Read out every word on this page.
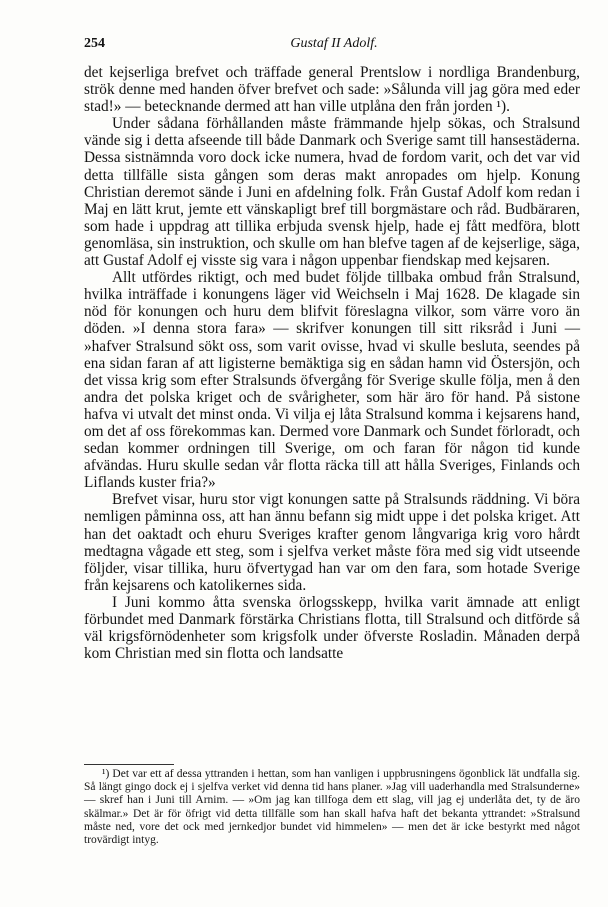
254	Gustaf II Adolf.

det kejserliga brefvet och träffade general Prentslow i nordliga Brandenburg, strök denne med handen öfver brefvet och sade: »Sålunda vill jag göra med eder stad!» — betecknande dermed att han ville utplåna den från jorden ¹).

Under sådana förhållanden måste främmande hjelp sökas, och Stralsund vände sig i detta afseende till både Danmark och Sverige samt till hansestäderna. Dessa sistnämnda voro dock icke numera, hvad de fordom varit, och det var vid detta tillfälle sista gången som deras makt anropades om hjelp. Konung Christian deremot sände i Juni en afdelning folk. Från Gustaf Adolf kom redan i Maj en lätt krut, jemte ett vänskapligt bref till borgmästare och råd. Budbäraren, som hade i uppdrag att tillika erbjuda svensk hjelp, hade ej fått medföra, blott genomläsa, sin instruktion, och skulle om han blefve tagen af de kejserlige, säga, att Gustaf Adolf ej visste sig vara i någon uppenbar fiendskap med kejsaren.

Allt utfördes riktigt, och med budet följde tillbaka ombud från Stralsund, hvilka inträffade i konungens läger vid Weichseln i Maj 1628. De klagade sin nöd för konungen och huru dem blifvit föreslagna vilkor, som värre voro än döden. »I denna stora fara» — skrifver konungen till sitt riksråd i Juni — »hafver Stralsund sökt oss, som varit ovisse, hvad vi skulle besluta, seendes på ena sidan faran af att ligisterne bemäktiga sig en sådan hamn vid Östersjön, och det vissa krig som efter Stralsunds öfvergång för Sverige skulle följa, men å den andra det polska kriget och de svårigheter, som här äro för hand. På sistone hafva vi utvalt det minst onda. Vi vilja ej låta Stralsund komma i kejsarens hand, om det af oss förekommas kan. Dermed vore Danmark och Sundet förloradt, och sedan kommer ordningen till Sverige, om och faran för någon tid kunde afvändas. Huru skulle sedan vår flotta räcka till att hålla Sveriges, Finlands och Liflands kuster fria?»

Brefvet visar, huru stor vigt konungen satte på Stralsunds räddning. Vi böra nemligen påminna oss, att han ännu befann sig midt uppe i det polska kriget. Att han det oaktadt och ehuru Sveriges krafter genom långvariga krig voro hårdt medtagna vågade ett steg, som i sjelfva verket måste föra med sig vidt utseende följder, visar tillika, huru öfvertygad han var om den fara, som hotade Sverige från kejsarens och katolikernes sida.

I Juni kommo åtta svenska örlogsskepp, hvilka varit ämnade att enligt förbundet med Danmark förstärka Christians flotta, till Stralsund och ditförde så väl krigsförnödenheter som krigsfolk under öfverste Rosladin. Månaden derpå kom Christian med sin flotta och landsatte

¹) Det var ett af dessa yttranden i hettan, som han vanligen i uppbrusningens ögonblick lät undfalla sig. Så längt gingo dock ej i sjelfva verket vid denna tid hans planer. »Jag vill uaderhandla med Stralsunderne» — skref han i Juni till Arnim. — »Om jag kan tillfoga dem ett slag, vill jag ej underlåta det, ty de äro skälmar.» Det är för öfrigt vid detta tillfälle som han skall hafva haft det bekanta yttrandet: »Stralsund måste ned, vore det ock med jernkedjor bundet vid himmelen» — men det är icke bestyrkt med något trovärdigt intyg.
